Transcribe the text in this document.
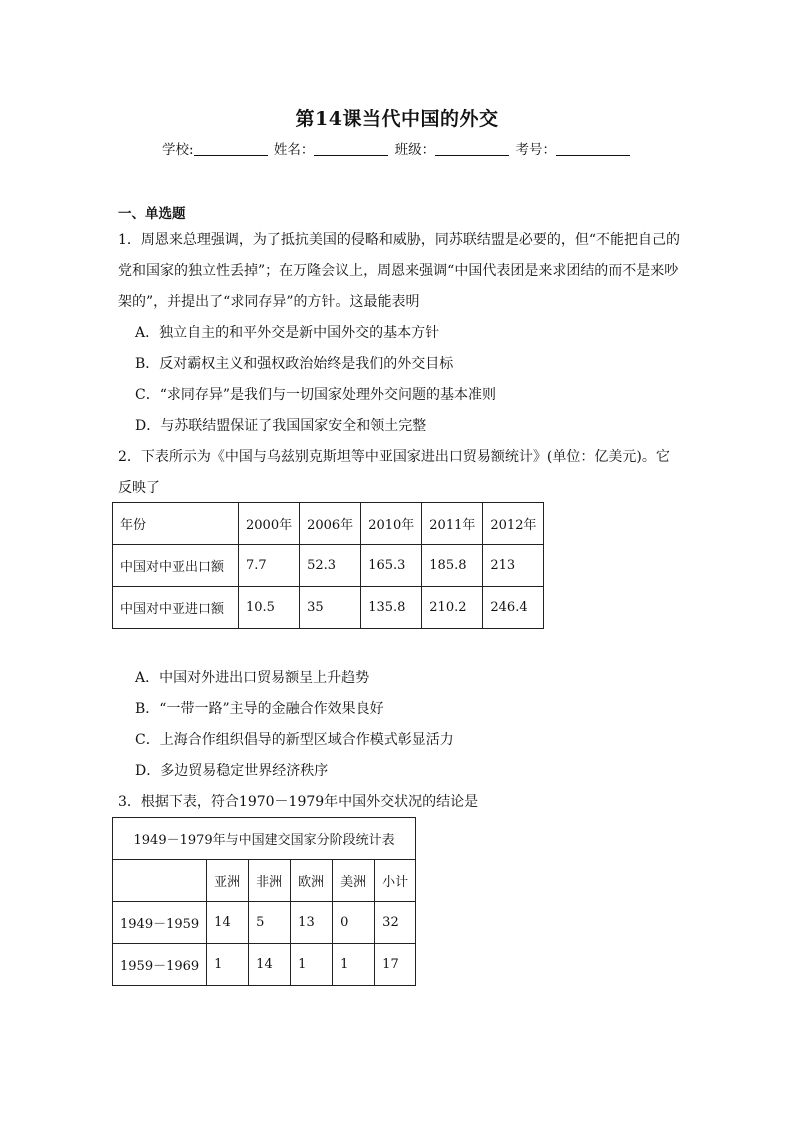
第14课当代中国的外交
学校:	姓名：	班级：	考号：
一、单选题
1．周恩来总理强调，为了抵抗美国的侵略和威胁，同苏联结盟是必要的，但“不能把自己的
党和国家的独立性丢掉”；在万隆会议上，周恩来强调“中国代表团是来求团结的而不是来吵
架的”，并提出了“求同存异”的方针。这最能表明
A．独立自主的和平外交是新中国外交的基本方针
B．反对霸权主义和强权政治始终是我们的外交目标
C．“求同存异”是我们与一切国家处理外交问题的基本准则
D．与苏联结盟保证了我国国家安全和领土完整
2．下表所示为《中国与乌兹别克斯坦等中亚国家进出口贸易额统计》(单位：亿美元)。它
反映了
年份	2000年	2006年	2010年	2011年	2012年
中国对中亚出口额	7.7	52.3	165.3	185.8	213
中国对中亚进口额	10.5	35	135.8	210.2	246.4
A．中国对外进出口贸易额呈上升趋势
B．“一带一路”主导的金融合作效果良好
C．上海合作组织倡导的新型区域合作模式彰显活力
D．多边贸易稳定世界经济秩序
3．根据下表，符合1970－1979年中国外交状况的结论是
1949－1979年与中国建交国家分阶段统计表					
	亚洲	非洲	欧洲	美洲	小计
1949－1959	14	5	13	0	32
1959－1969	1	14	1	1	17
